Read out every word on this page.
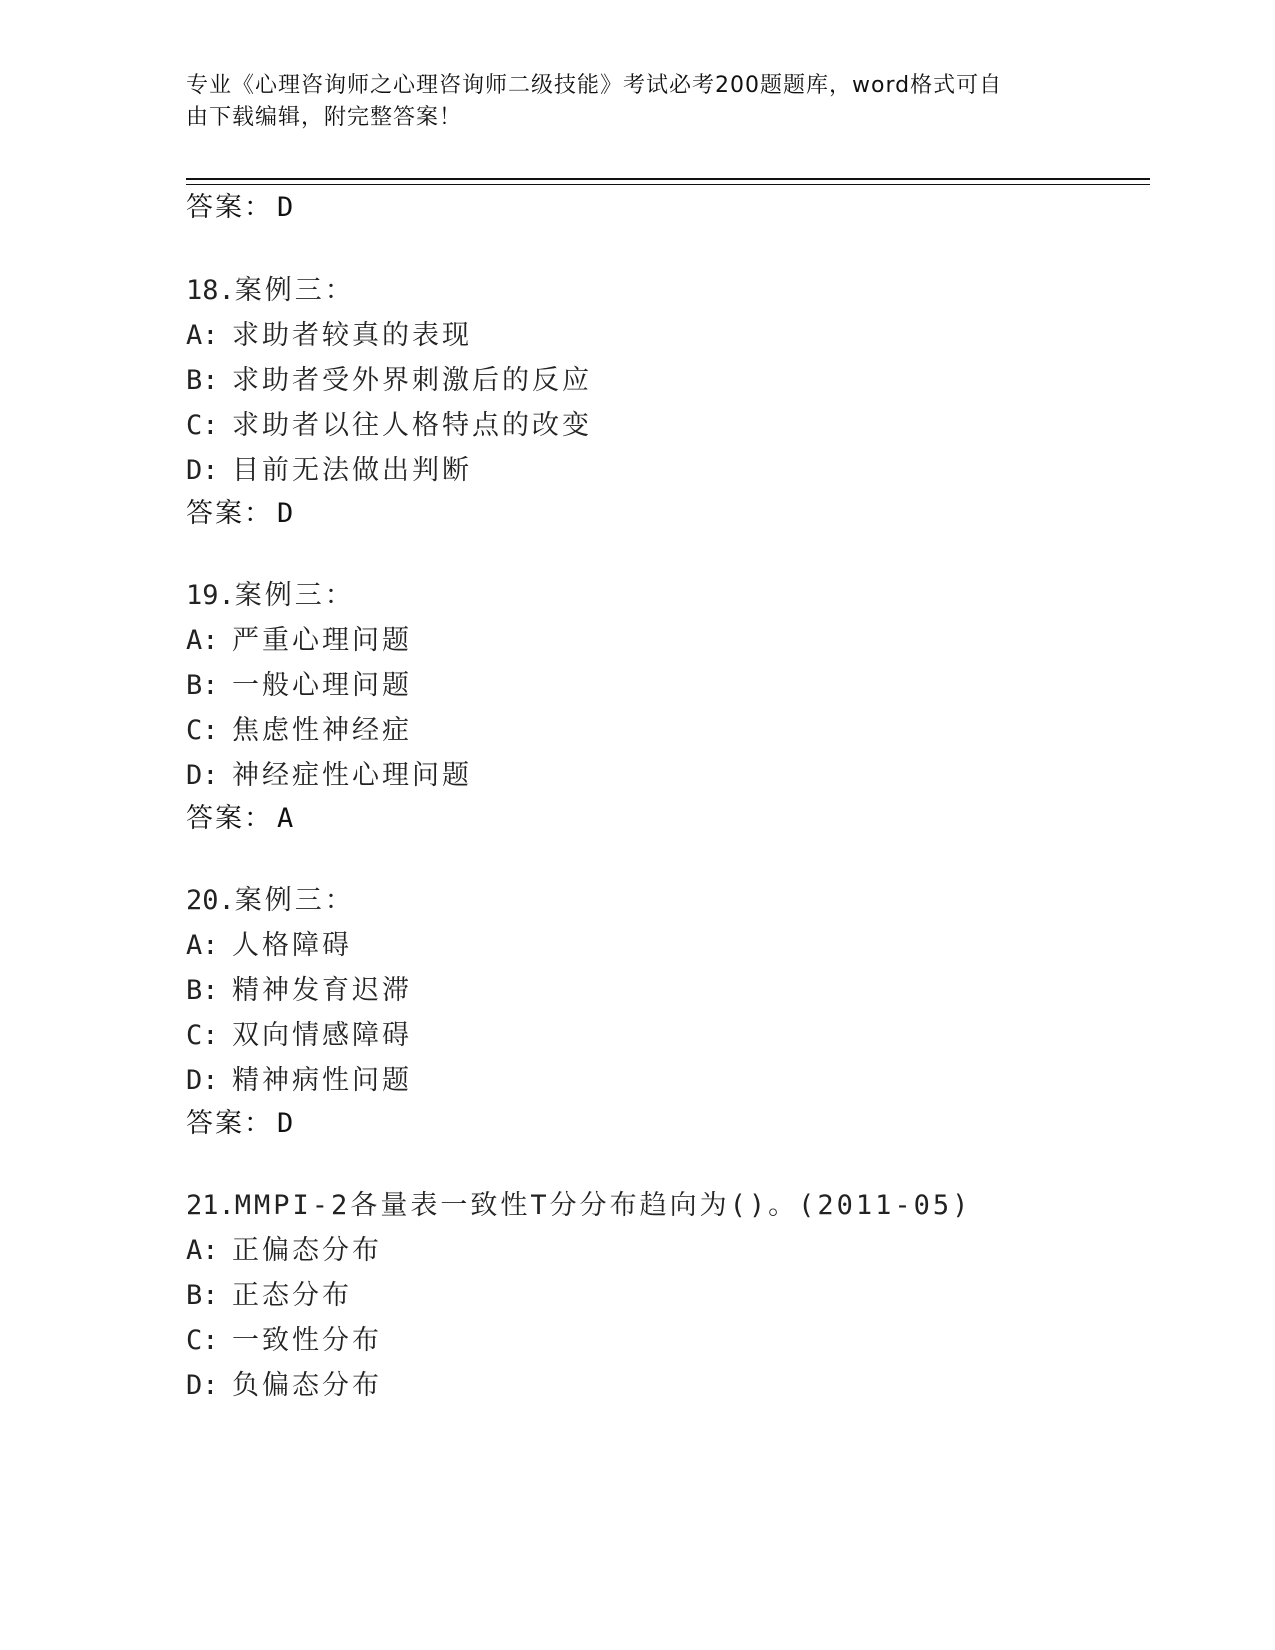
专业《心理咨询师之心理咨询师二级技能》考试必考200题题库，word格式可自
由下载编辑，附完整答案！
答案： D
18.案例三：
A: 求助者较真的表现
B: 求助者受外界刺激后的反应
C: 求助者以往人格特点的改变
D: 目前无法做出判断
答案： D
19.案例三：
A: 严重心理问题
B: 一般心理问题
C: 焦虑性神经症
D: 神经症性心理问题
答案： A
20.案例三：
A: 人格障碍
B: 精神发育迟滞
C: 双向情感障碍
D: 精神病性问题
答案： D
21.MMPI-2各量表一致性T分分布趋向为()。(2011-05)
A: 正偏态分布
B: 正态分布
C: 一致性分布
D: 负偏态分布
